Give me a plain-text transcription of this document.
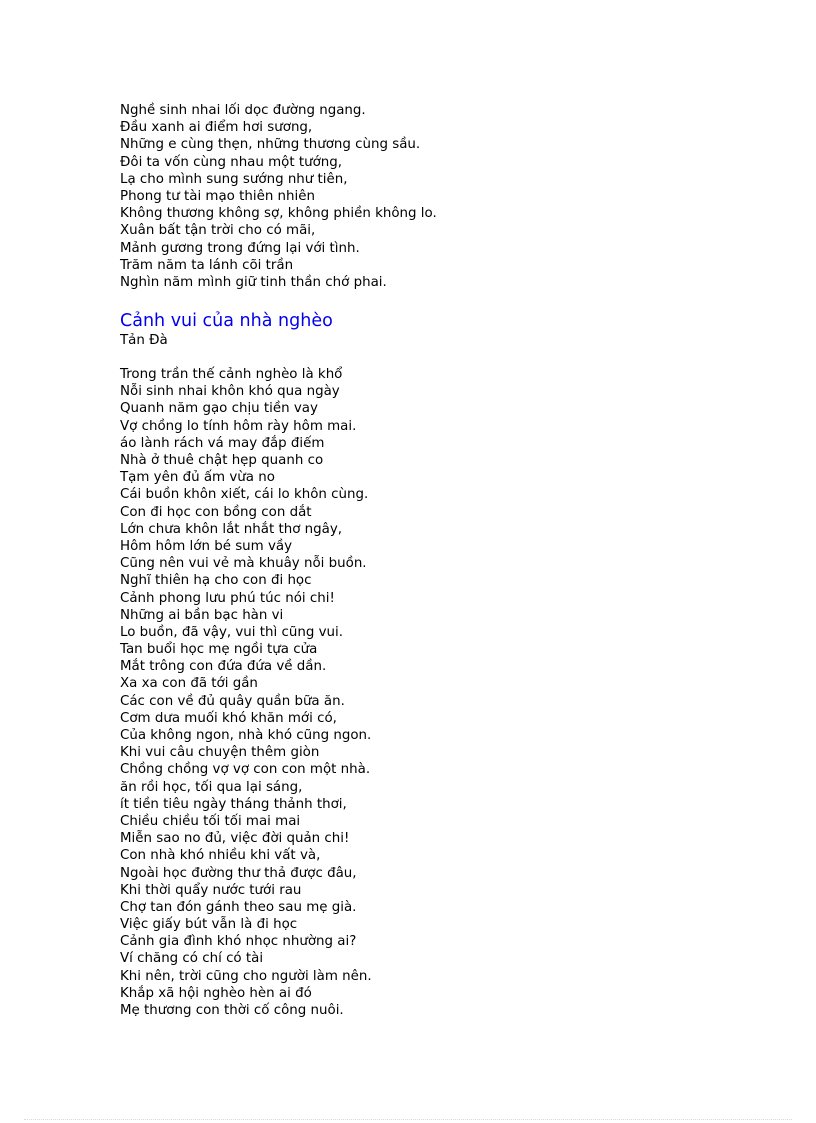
Nghề sinh nhai lối dọc đường ngang.
Đầu xanh ai điểm hơi sương,
Những e cùng thẹn, những thương cùng sầu.
Đôi ta vốn cùng nhau một tướng,
Lạ cho mình sung sướng như tiên,
Phong tư tài mạo thiên nhiên
Không thương không sợ, không phiền không lo.
Xuân bất tận trời cho có mãi,
Mảnh gương trong đứng lại với tình.
Trăm năm ta lánh cõi trần
Nghìn năm mình giữ tinh thần chớ phai.
Cảnh vui của nhà nghèo
Tản Đà
Trong trần thế cảnh nghèo là khổ
Nỗi sinh nhai khôn khó qua ngày
Quanh năm gạo chịu tiền vay
Vợ chồng lo tính hôm rày hôm mai.
áo lành rách vá may đắp điếm
Nhà ở thuê chật hẹp quanh co
Tạm yên đủ ấm vừa no
Cái buồn khôn xiết, cái lo khôn cùng.
Con đi học con bồng con dắt
Lớn chưa khôn lắt nhắt thơ ngây,
Hôm hôm lớn bé sum vầy
Cũng nên vui vẻ mà khuây nỗi buồn.
Nghĩ thiên hạ cho con đi học
Cảnh phong lưu phú túc nói chi!
Những ai bần bạc hàn vi
Lo buồn, đã vậy, vui thì cũng vui.
Tan buổi học mẹ ngồi tựa cửa
Mắt trông con đứa đứa về dần.
Xa xa con đã tới gần
Các con về đủ quây quần bữa ăn.
Cơm dưa muối khó khăn mới có,
Của không ngon, nhà khó cũng ngon.
Khi vui câu chuyện thêm giòn
Chồng chồng vợ vợ con con một nhà.
ăn rồi học, tối qua lại sáng,
ít tiền tiêu ngày tháng thảnh thơi,
Chiều chiều tối tối mai mai
Miễn sao no đủ, việc đời quản chi!
Con nhà khó nhiều khi vất và,
Ngoài học đường thư thả được đâu,
Khi thời quẩy nước tưới rau
Chợ tan đón gánh theo sau mẹ già.
Việc giấy bút vẫn là đi học
Cảnh gia đình khó nhọc nhường ai?
Ví chăng có chí có tài
Khi nên, trời cũng cho người làm nên.
Khắp xã hội nghèo hèn ai đó
Mẹ thương con thời cố công nuôi.
